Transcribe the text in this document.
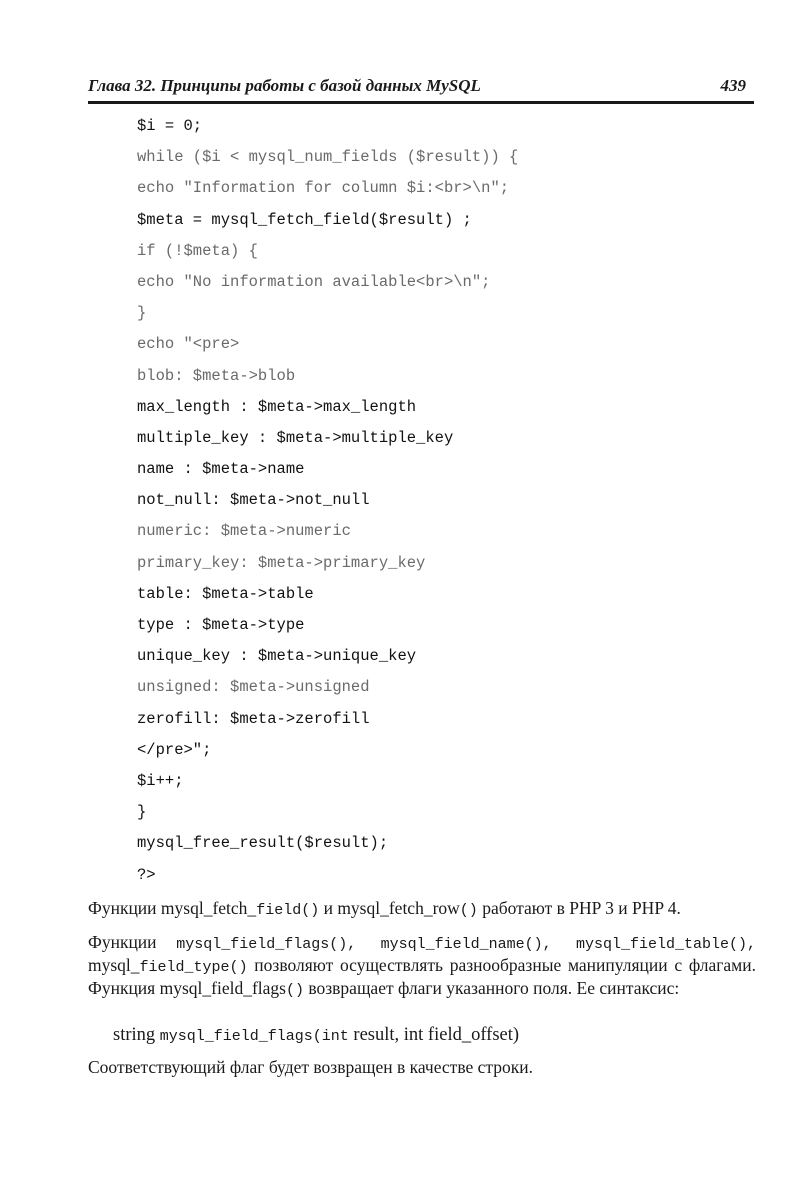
Глава 32. Принципы работы с базой данных MySQL	439
$i = 0;
while ($i < mysql_num_fields ($result)) {
echo "Information for column $i:<br>\n";
$meta = mysql_fetch_field($result) ;
if (!$meta) {
echo "No information available<br>\n";
}
echo "<pre>
blob: $meta->blob
max_length : $meta->max_length
multiple_key : $meta->multiple_key
name : $meta->name
not_null: $meta->not_null
numeric: $meta->numeric
primary_key: $meta->primary_key
table: $meta->table
type : $meta->type
unique_key : $meta->unique_key
unsigned: $meta->unsigned
zerofill: $meta->zerofill
</pre>";
$i++;
}
mysql_free_result($result);
?>

Функции mysql_fetch_field() и mysql_fetch_row() работают в PHP 3 и PHP 4.

Функции mysql_field_flags(), mysql_field_name(), mysql_field_table(), mysql_field_type() позволяют осуществлять разнообразные манипуляции с флагами. Функция mysql_field_flags() возвращает флаги указанного поля. Ее синтаксис:

string mysql_field_flags(int result, int field_offset)

Соответствующий флаг будет возвращен в качестве строки.
